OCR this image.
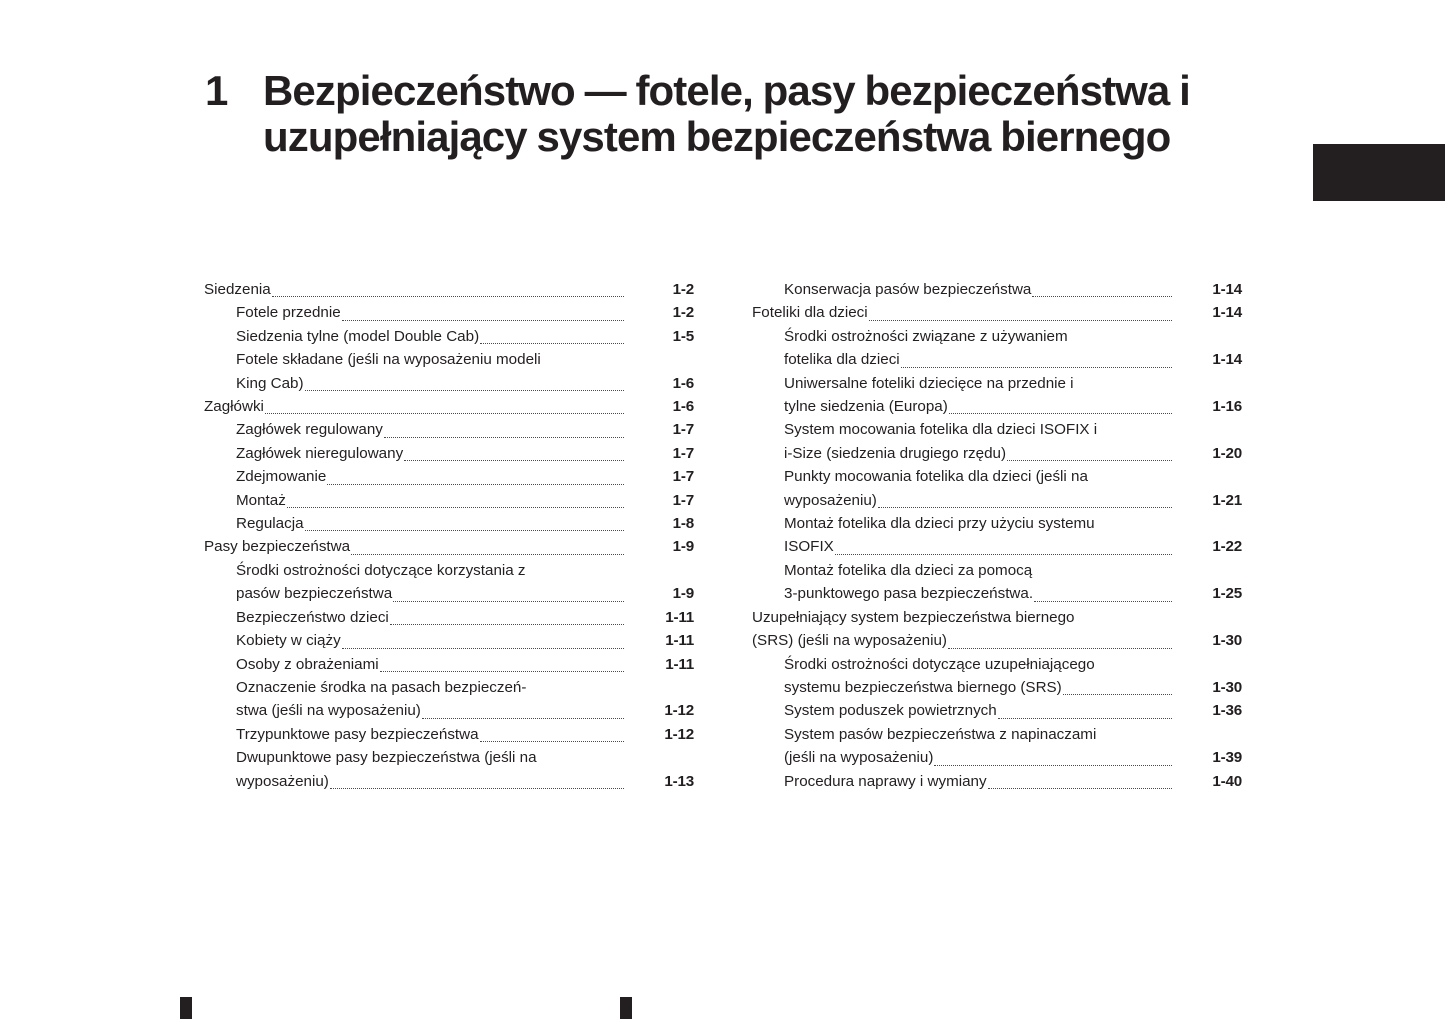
1 Bezpieczeństwo — fotele, pasy bezpieczeństwa i uzupełniający system bezpieczeństwa biernego
Siedzenia	1-2
Fotele przednie	1-2
Siedzenia tylne (model Double Cab)	1-5
Fotele składane (jeśli na wyposażeniu modeli
King Cab)	1-6
Zagłówki	1-6
Zagłówek regulowany	1-7
Zagłówek nieregulowany	1-7
Zdejmowanie	1-7
Montaż	1-7
Regulacja	1-8
Pasy bezpieczeństwa	1-9
Środki ostrożności dotyczące korzystania z
pasów bezpieczeństwa	1-9
Bezpieczeństwo dzieci	1-11
Kobiety w ciąży	1-11
Osoby z obrażeniami	1-11
Oznaczenie środka na pasach bezpieczeń-
stwa (jeśli na wyposażeniu)	1-12
Trzypunktowe pasy bezpieczeństwa	1-12
Dwupunktowe pasy bezpieczeństwa (jeśli na
wyposażeniu)	1-13
Konserwacja pasów bezpieczeństwa	1-14
Foteliki dla dzieci	1-14
Środki ostrożności związane z używaniem
fotelika dla dzieci	1-14
Uniwersalne foteliki dziecięce na przednie i
tylne siedzenia (Europa)	1-16
System mocowania fotelika dla dzieci ISOFIX i
i-Size (siedzenia drugiego rzędu)	1-20
Punkty mocowania fotelika dla dzieci (jeśli na
wyposażeniu)	1-21
Montaż fotelika dla dzieci przy użyciu systemu
ISOFIX	1-22
Montaż fotelika dla dzieci za pomocą
3-punktowego pasa bezpieczeństwa.	1-25
Uzupełniający system bezpieczeństwa biernego
(SRS) (jeśli na wyposażeniu)	1-30
Środki ostrożności dotyczące uzupełniającego
systemu bezpieczeństwa biernego (SRS)	1-30
System poduszek powietrznych	1-36
System pasów bezpieczeństwa z napinaczami
(jeśli na wyposażeniu)	1-39
Procedura naprawy i wymiany	1-40
